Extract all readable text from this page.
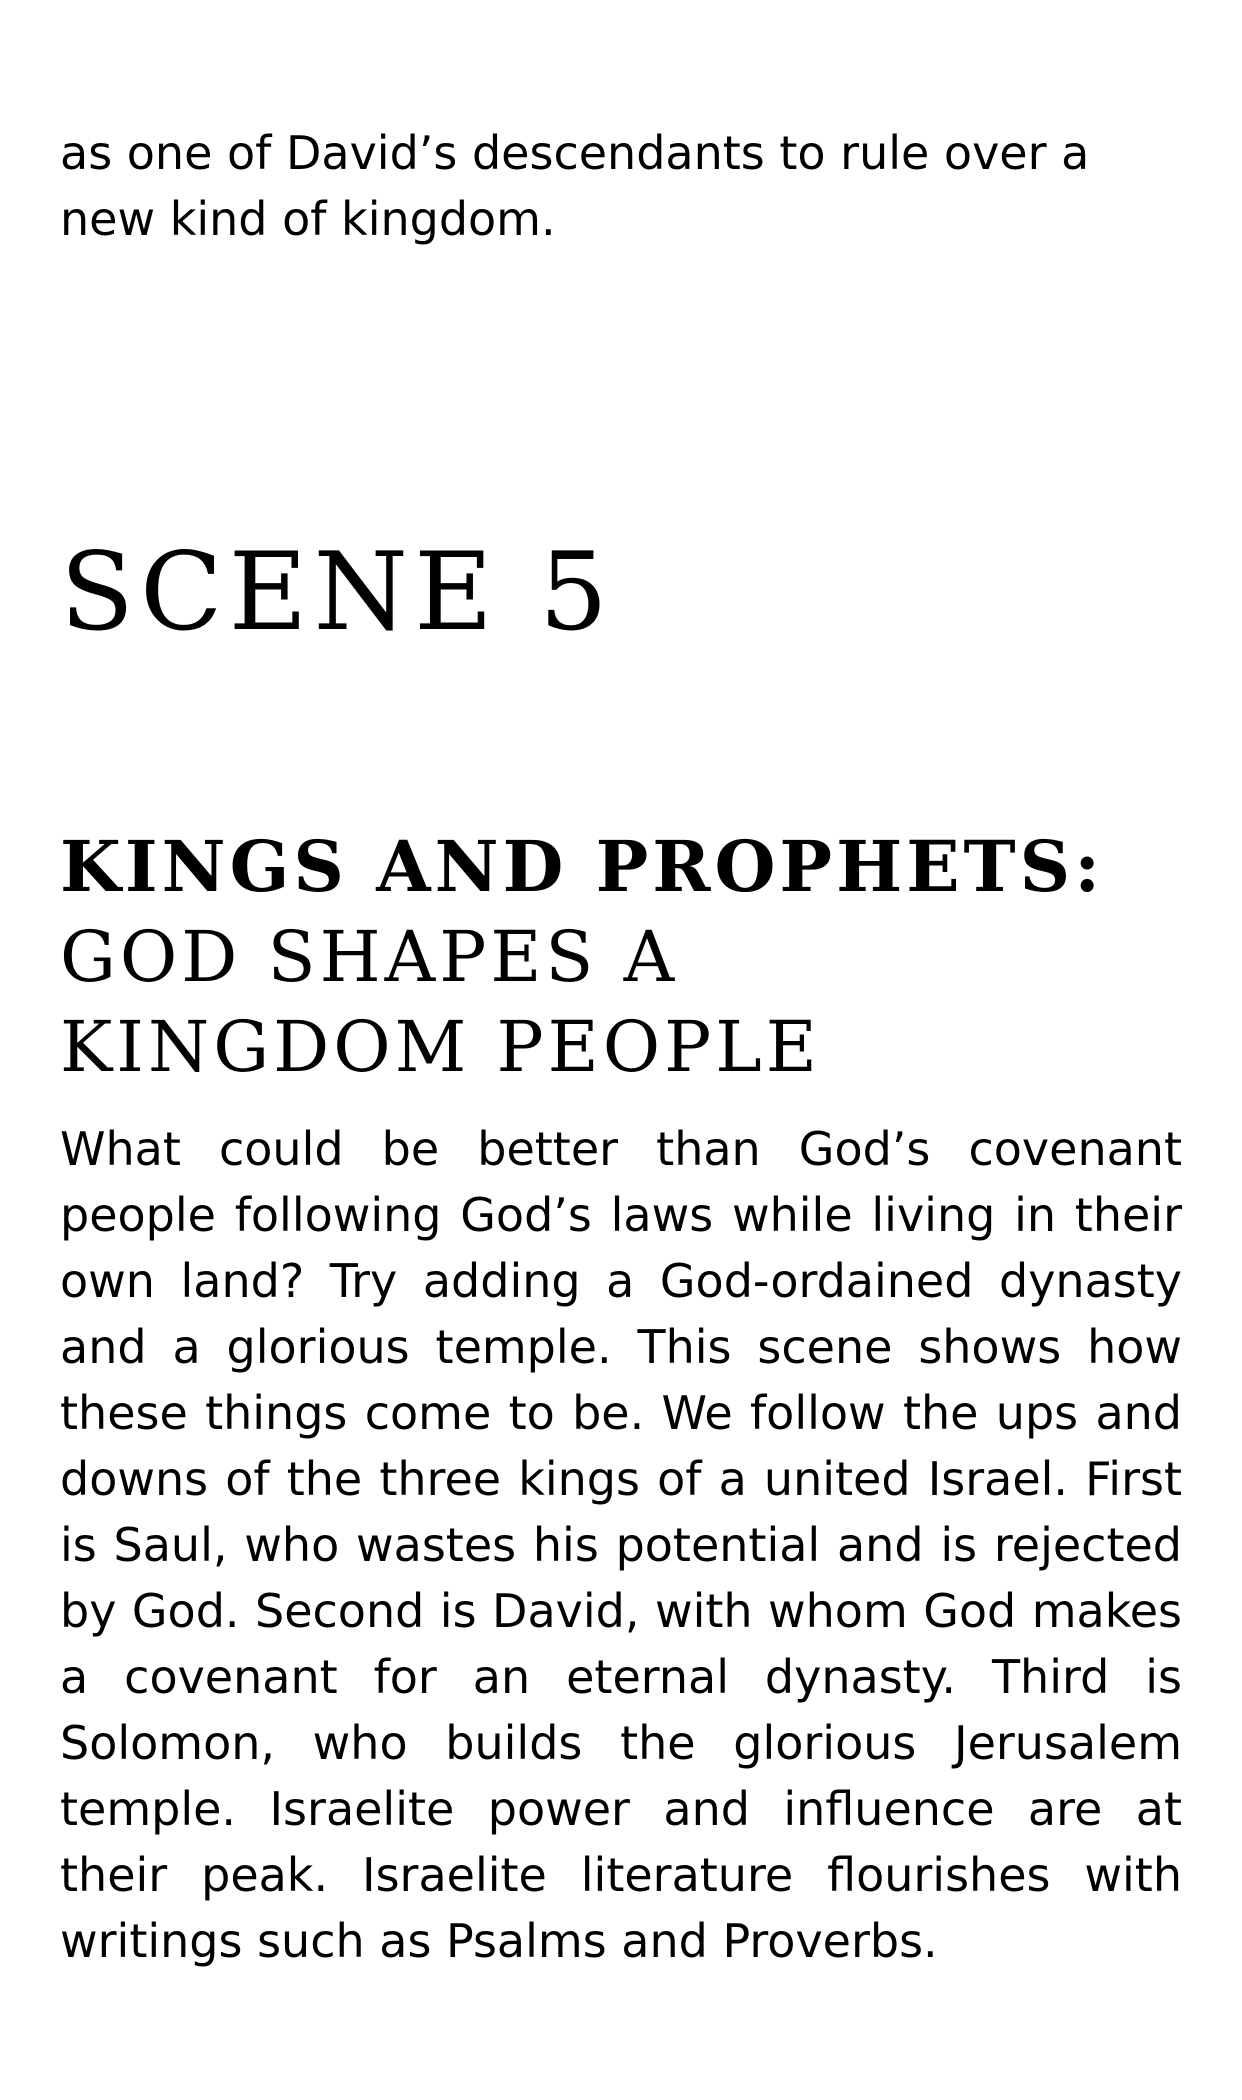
as one of David’s descendants to rule over a new kind of kingdom.

SCENE 5
KINGS AND PROPHETS:
GOD SHAPES A
KINGDOM PEOPLE

What could be better than God’s covenant people following God’s laws while living in their own land? Try adding a God-ordained dynasty and a glorious temple. This scene shows how these things come to be. We follow the ups and downs of the three kings of a united Israel. First is Saul, who wastes his potential and is rejected by God. Second is David, with whom God makes a covenant for an eternal dynasty. Third is Solomon, who builds the glorious Jerusalem temple. Israelite power and influence are at their peak. Israelite literature flourishes with writings such as Psalms and Proverbs.
